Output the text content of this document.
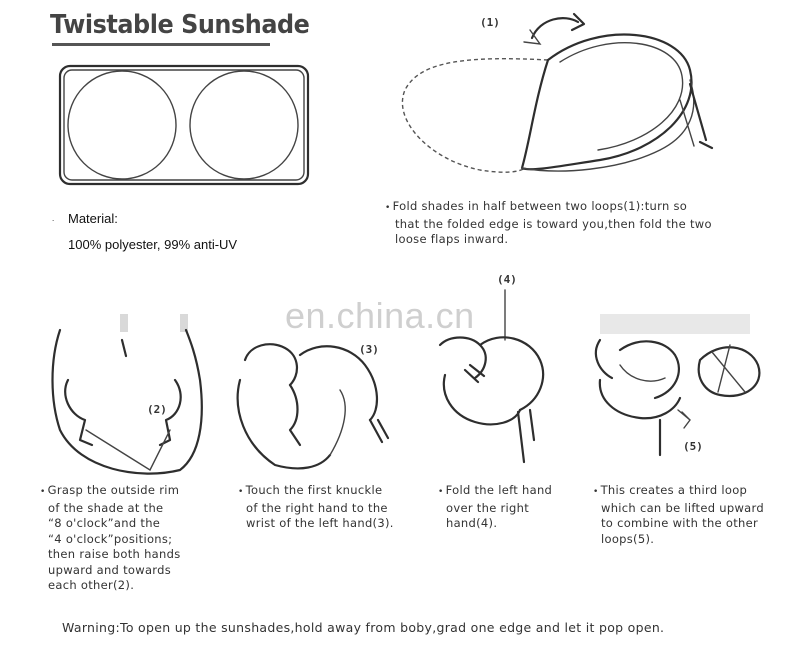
Twistable Sunshade
. Material:
100% polyester, 99% anti-UV
(1)
• Fold shades in half between two loops(1):turn so
that the folded edge is toward you,then fold the two
loose flaps inward.
en.china.cn
(2)
• Grasp the outside rim
of the shade at the
“8 o'clock”and the
“4 o'clock”positions;
then raise both hands
upward and towards
each other(2).
(3)
• Touch the first knuckle
of the right hand to the
wrist of the left hand(3).
(4)
• Fold the left hand
over the right
hand(4).
(5)
• This creates a third loop
which can be lifted upward
to combine with the other
loops(5).
Warning:To open up the sunshades,hold away from boby,grad one edge and let it pop open.
